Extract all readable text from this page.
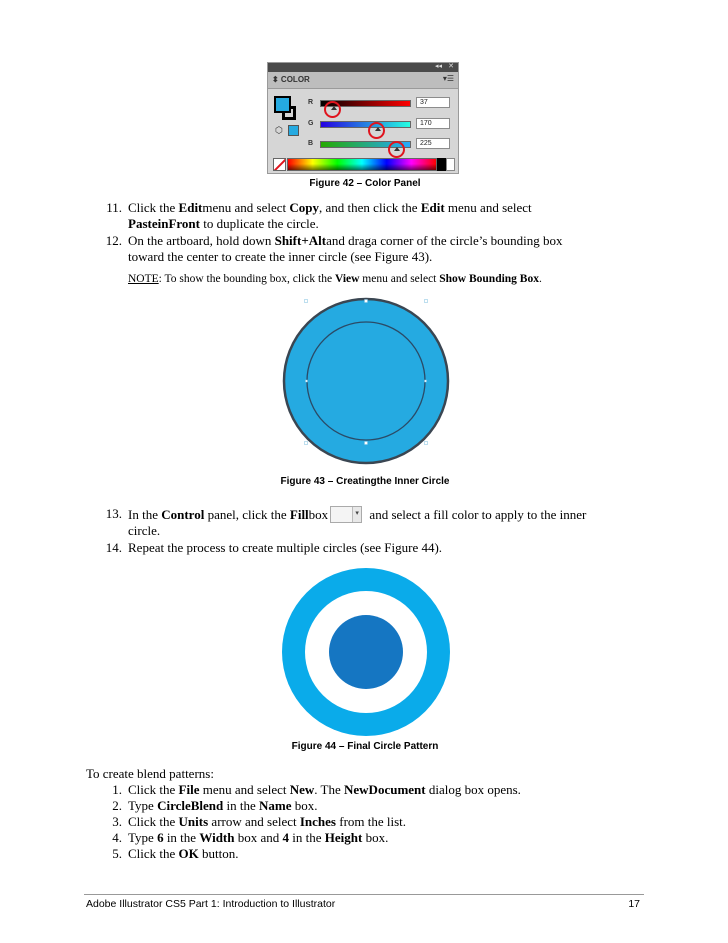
◂◂ ✕
⬍ COLOR	▾☰
⬡
R	37
G	170
B	225
Figure 42 – Color Panel
11. Click the Editmenu and select Copy, and then click the Edit menu and select
PasteinFront to duplicate the circle.
12. On the artboard, hold down Shift+Altand draga corner of the circle’s bounding box
toward the center to create the inner circle (see Figure 43).
NOTE: To show the bounding box, click the View menu and select Show Bounding Box.
Figure 43 – Creatingthe Inner Circle
13. In the Control panel, click the Fillbox	▾ and select a fill color to apply to the inner
circle.
14. Repeat the process to create multiple circles (see Figure 44).
Figure 44 – Final Circle Pattern
To create blend patterns:
1. Click the File menu and select New. The NewDocument dialog box opens.
2. Type CircleBlend in the Name box.
3. Click the Units arrow and select Inches from the list.
4. Type 6 in the Width box and 4 in the Height box.
5. Click the OK button.
Adobe Illustrator CS5 Part 1: Introduction to Illustrator	17
